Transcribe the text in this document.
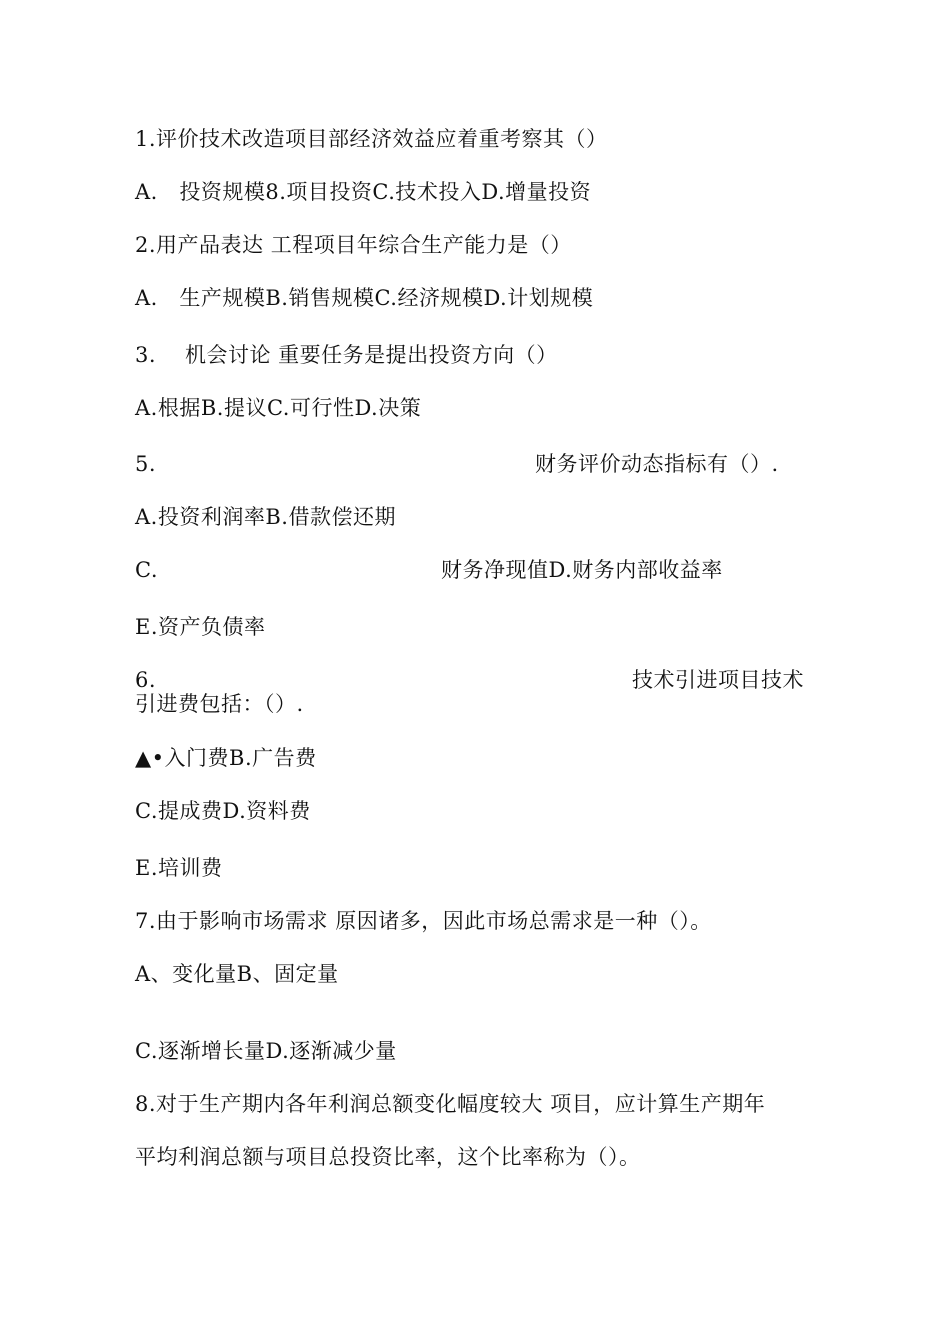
1.评价技术改造项目部经济效益应着重考察其（）
A.　投资规模8.项目投资C.技术投入D.增量投资
2.用产品表达 工程项目年综合生产能力是（）
A.　生产规模B.销售规模C.经济规模D.计划规模
3. 机会讨论 重要任务是提出投资方向（）
A.根据B.提议C.可行性D.决策
5.	财务评价动态指标有（）.
A.投资利润率B.借款偿还期
C.	财务净现值D.财务内部收益率
E.资产负债率
6.	技术引进项目技术
引进费包括：（）.
▲•入门费B.广告费
C.提成费D.资料费
E.培训费
7.由于影响市场需求 原因诸多，因此市场总需求是一种（）。
A、变化量B、固定量
C.逐渐增长量D.逐渐减少量
8.对于生产期内各年利润总额变化幅度较大 项目，应计算生产期年
平均利润总额与项目总投资比率，这个比率称为（）。
